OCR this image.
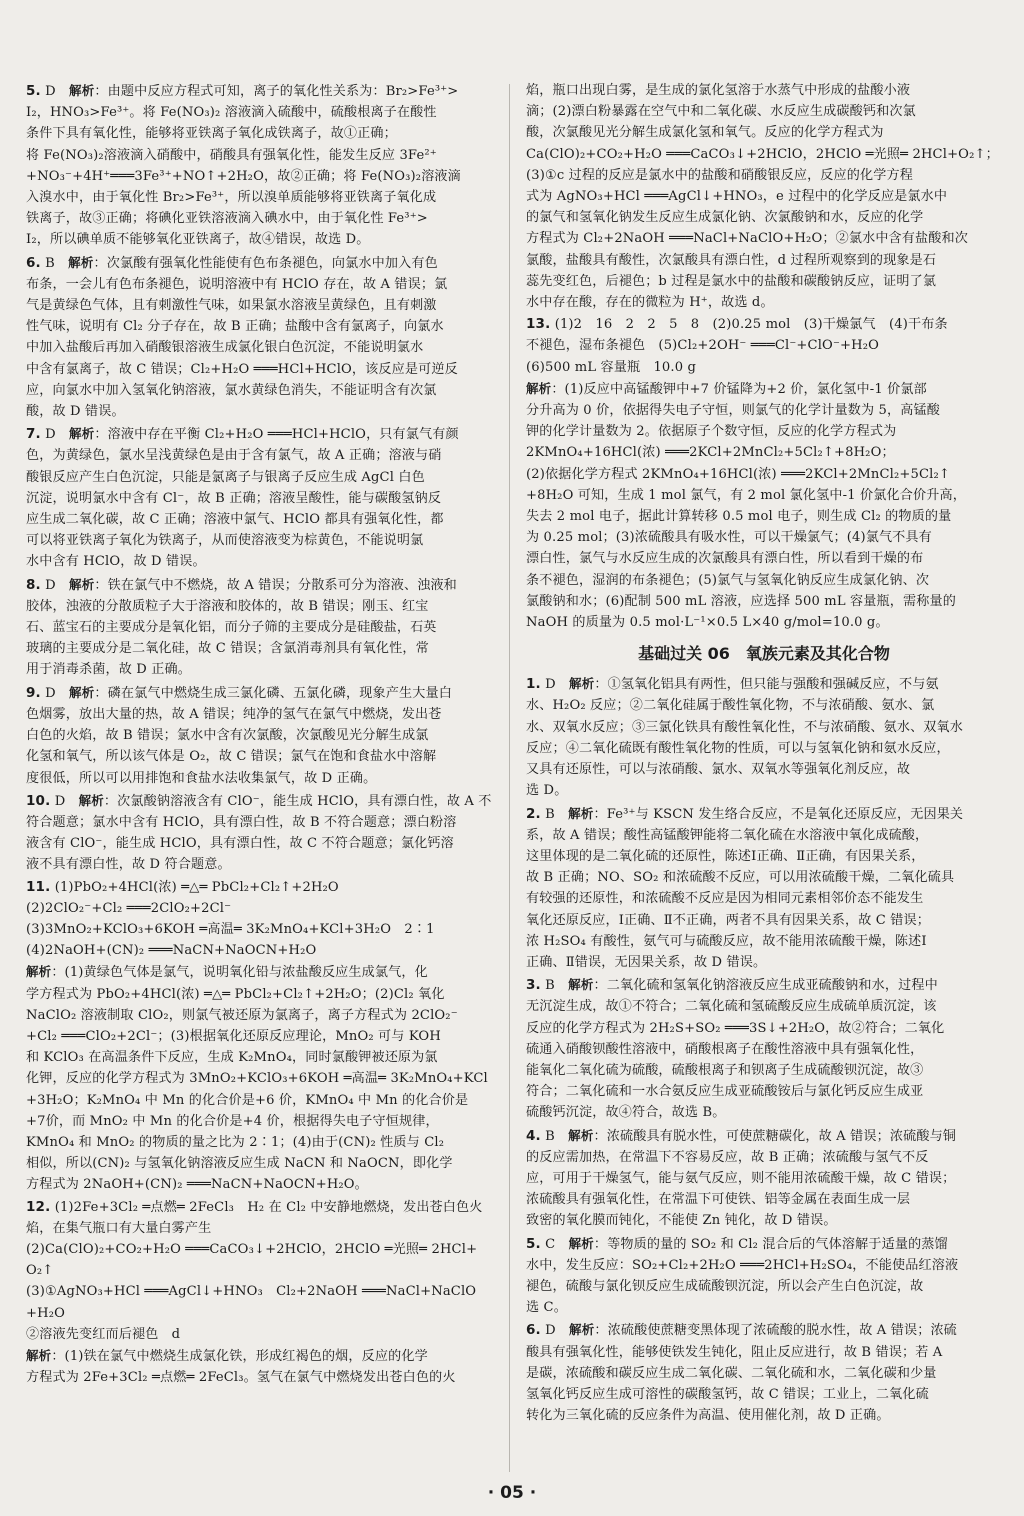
5. D  解析：由题中反应方程式可知，离子的氧化性关系为：Br₂>Fe³⁺>
I₂，HNO₃>Fe³⁺。将 Fe(NO₃)₂ 溶液滴入硫酸中，硫酸根离子在酸性
条件下具有氧化性，能够将亚铁离子氧化成铁离子，故①正确；
将 Fe(NO₃)₂溶液滴入硝酸中，硝酸具有强氧化性，能发生反应 3Fe²⁺
+NO₃⁻+4H⁺═══3Fe³⁺+NO↑+2H₂O，故②正确；将 Fe(NO₃)₂溶液滴
入溴水中，由于氧化性 Br₂>Fe³⁺，所以溴单质能够将亚铁离子氧化成
铁离子，故③正确；将碘化亚铁溶液滴入碘水中，由于氧化性 Fe³⁺>
I₂，所以碘单质不能够氧化亚铁离子，故④错误，故选 D。
6. B  解析：次氯酸有强氧化性能使有色布条褪色，向氯水中加入有色
布条，一会儿有色布条褪色，说明溶液中有 HClO 存在，故 A 错误；氯
气是黄绿色气体，且有刺激性气味，如果氯水溶液呈黄绿色，且有刺激
性气味，说明有 Cl₂ 分子存在，故 B 正确；盐酸中含有氯离子，向氯水
中加入盐酸后再加入硝酸银溶液生成氯化银白色沉淀，不能说明氯水
中含有氯离子，故 C 错误；Cl₂+H₂O ═══HCl+HClO，该反应是可逆反
应，向氯水中加入氢氧化钠溶液，氯水黄绿色消失，不能证明含有次氯
酸，故 D 错误。
7. D  解析：溶液中存在平衡 Cl₂+H₂O ═══HCl+HClO，只有氯气有颜
色，为黄绿色，氯水呈浅黄绿色是由于含有氯气，故 A 正确；溶液与硝
酸银反应产生白色沉淀，只能是氯离子与银离子反应生成 AgCl 白色
沉淀，说明氯水中含有 Cl⁻，故 B 正确；溶液呈酸性，能与碳酸氢钠反
应生成二氧化碳，故 C 正确；溶液中氯气、HClO 都具有强氧化性，都
可以将亚铁离子氧化为铁离子，从而使溶液变为棕黄色，不能说明氯
水中含有 HClO，故 D 错误。
8. D  解析：铁在氯气中不燃烧，故 A 错误；分散系可分为溶液、浊液和
胶体，浊液的分散质粒子大于溶液和胶体的，故 B 错误；刚玉、红宝
石、蓝宝石的主要成分是氧化铝，而分子筛的主要成分是硅酸盐，石英
玻璃的主要成分是二氧化硅，故 C 错误；含氯消毒剂具有氧化性，常
用于消毒杀菌，故 D 正确。
9. D  解析：磷在氯气中燃烧生成三氯化磷、五氯化磷，现象产生大量白
色烟雾，放出大量的热，故 A 错误；纯净的氢气在氯气中燃烧，发出苍
白色的火焰，故 B 错误；氯水中含有次氯酸，次氯酸见光分解生成氯
化氢和氧气，所以该气体是 O₂，故 C 错误；氯气在饱和食盐水中溶解
度很低，所以可以用排饱和食盐水法收集氯气，故 D 正确。
10. D  解析：次氯酸钠溶液含有 ClO⁻，能生成 HClO，具有漂白性，故 A 不
符合题意；氯水中含有 HClO，具有漂白性，故 B 不符合题意；漂白粉溶
液含有 ClO⁻，能生成 HClO，具有漂白性，故 C 不符合题意；氯化钙溶
液不具有漂白性，故 D 符合题意。
11. (1)PbO₂+4HCl(浓) ═△═ PbCl₂+Cl₂↑+2H₂O
(2)2ClO₂⁻+Cl₂ ═══2ClO₂+2Cl⁻
(3)3MnO₂+KClO₃+6KOH ═高温═ 3K₂MnO₄+KCl+3H₂O　2∶1
(4)2NaOH+(CN)₂ ═══NaCN+NaOCN+H₂O
解析：(1)黄绿色气体是氯气，说明氧化铅与浓盐酸反应生成氯气，化
学方程式为 PbO₂+4HCl(浓) ═△═ PbCl₂+Cl₂↑+2H₂O；(2)Cl₂ 氧化
NaClO₂ 溶液制取 ClO₂，则氯气被还原为氯离子，离子方程式为 2ClO₂⁻
+Cl₂ ═══ClO₂+2Cl⁻；(3)根据氧化还原反应理论，MnO₂ 可与 KOH
和 KClO₃ 在高温条件下反应，生成 K₂MnO₄，同时氯酸钾被还原为氯
化钾，反应的化学方程式为 3MnO₂+KClO₃+6KOH ═高温═ 3K₂MnO₄+KCl
+3H₂O；K₂MnO₄ 中 Mn 的化合价是+6 价，KMnO₄ 中 Mn 的化合价是
+7价，而 MnO₂ 中 Mn 的化合价是+4 价，根据得失电子守恒规律，
KMnO₄ 和 MnO₂ 的物质的量之比为 2∶1；(4)由于(CN)₂ 性质与 Cl₂
相似，所以(CN)₂ 与氢氧化钠溶液反应生成 NaCN 和 NaOCN，即化学
方程式为 2NaOH+(CN)₂ ═══NaCN+NaOCN+H₂O。
12. (1)2Fe+3Cl₂ ═点燃═ 2FeCl₃　H₂ 在 Cl₂ 中安静地燃烧，发出苍白色火
焰，在集气瓶口有大量白雾产生
(2)Ca(ClO)₂+CO₂+H₂O ═══CaCO₃↓+2HClO，2HClO ═光照═ 2HCl+
O₂↑
(3)①AgNO₃+HCl ═══AgCl↓+HNO₃　Cl₂+2NaOH ═══NaCl+NaClO
+H₂O
②溶液先变红而后褪色　d
解析：(1)铁在氯气中燃烧生成氯化铁，形成红褐色的烟，反应的化学
方程式为 2Fe+3Cl₂ ═点燃═ 2FeCl₃。氢气在氯气中燃烧发出苍白色的火
焰，瓶口出现白雾，是生成的氯化氢溶于水蒸气中形成的盐酸小液
滴；(2)漂白粉暴露在空气中和二氧化碳、水反应生成碳酸钙和次氯
酸，次氯酸见光分解生成氯化氢和氧气。反应的化学方程式为
Ca(ClO)₂+CO₂+H₂O ═══CaCO₃↓+2HClO，2HClO ═光照═ 2HCl+O₂↑；
(3)①c 过程的反应是氯水中的盐酸和硝酸银反应，反应的化学方程
式为 AgNO₃+HCl ═══AgCl↓+HNO₃，e 过程中的化学反应是氯水中
的氯气和氢氧化钠发生反应生成氯化钠、次氯酸钠和水，反应的化学
方程式为 Cl₂+2NaOH ═══NaCl+NaClO+H₂O；②氯水中含有盐酸和次
氯酸，盐酸具有酸性，次氯酸具有漂白性，d 过程所观察到的现象是石
蕊先变红色，后褪色；b 过程是氯水中的盐酸和碳酸钠反应，证明了氯
水中存在酸，存在的微粒为 H⁺，故选 d。
13. (1)2　16　2　2　5　8　(2)0.25 mol　(3)干燥氯气　(4)干布条
不褪色，湿布条褪色　(5)Cl₂+2OH⁻ ═══Cl⁻+ClO⁻+H₂O
(6)500 mL 容量瓶　10.0 g
解析：(1)反应中高锰酸钾中+7 价锰降为+2 价，氯化氢中-1 价氯部
分升高为 0 价，依据得失电子守恒，则氯气的化学计量数为 5，高锰酸
钾的化学计量数为 2。依据原子个数守恒，反应的化学方程式为
2KMnO₄+16HCl(浓) ═══2KCl+2MnCl₂+5Cl₂↑+8H₂O；
(2)依据化学方程式 2KMnO₄+16HCl(浓) ═══2KCl+2MnCl₂+5Cl₂↑
+8H₂O 可知，生成 1 mol 氯气，有 2 mol 氯化氢中-1 价氯化合价升高，
失去 2 mol 电子，据此计算转移 0.5 mol 电子，则生成 Cl₂ 的物质的量
为 0.25 mol；(3)浓硫酸具有吸水性，可以干燥氯气；(4)氯气不具有
漂白性，氯气与水反应生成的次氯酸具有漂白性，所以看到干燥的布
条不褪色，湿润的布条褪色；(5)氯气与氢氧化钠反应生成氯化钠、次
氯酸钠和水；(6)配制 500 mL 溶液，应选择 500 mL 容量瓶，需称量的
NaOH 的质量为 0.5 mol·L⁻¹×0.5 L×40 g/mol=10.0 g。
基础过关 06　氧族元素及其化合物
1. D  解析：①氢氧化铝具有两性，但只能与强酸和强碱反应，不与氨
水、H₂O₂ 反应；②二氧化硅属于酸性氧化物，不与浓硝酸、氨水、氯
水、双氧水反应；③三氯化铁具有酸性氧化性，不与浓硝酸、氨水、双氧水
反应；④二氧化硫既有酸性氧化物的性质，可以与氢氧化钠和氨水反应，
又具有还原性，可以与浓硝酸、氯水、双氧水等强氧化剂反应，故
选 D。
2. B  解析：Fe³⁺与 KSCN 发生络合反应，不是氧化还原反应，无因果关
系，故 A 错误；酸性高锰酸钾能将二氧化硫在水溶液中氧化成硫酸，
这里体现的是二氧化硫的还原性，陈述Ⅰ正确、Ⅱ正确，有因果关系，
故 B 正确；NO、SO₂ 和浓硫酸不反应，可以用浓硫酸干燥，二氧化硫具
有较强的还原性，和浓硫酸不反应是因为相同元素相邻价态不能发生
氧化还原反应，Ⅰ正确、Ⅱ不正确，两者不具有因果关系，故 C 错误；
浓 H₂SO₄ 有酸性，氨气可与硫酸反应，故不能用浓硫酸干燥，陈述Ⅰ
正确、Ⅱ错误，无因果关系，故 D 错误。
3. B  解析：二氧化硫和氢氧化钠溶液反应生成亚硫酸钠和水，过程中
无沉淀生成，故①不符合；二氧化硫和氢硫酸反应生成硫单质沉淀，该
反应的化学方程式为 2H₂S+SO₂ ═══3S↓+2H₂O，故②符合；二氧化
硫通入硝酸钡酸性溶液中，硝酸根离子在酸性溶液中具有强氧化性，
能氧化二氧化硫为硫酸，硫酸根离子和钡离子生成硫酸钡沉淀，故③
符合；二氧化硫和一水合氨反应生成亚硫酸铵后与氯化钙反应生成亚
硫酸钙沉淀，故④符合，故选 B。
4. B  解析：浓硫酸具有脱水性，可使蔗糖碳化，故 A 错误；浓硫酸与铜
的反应需加热，在常温下不容易反应，故 B 正确；浓硫酸与氢气不反
应，可用于干燥氢气，能与氨气反应，则不能用浓硫酸干燥，故 C 错误；
浓硫酸具有强氧化性，在常温下可使铁、铝等金属在表面生成一层
致密的氧化膜而钝化，不能使 Zn 钝化，故 D 错误。
5. C  解析：等物质的量的 SO₂ 和 Cl₂ 混合后的气体溶解于适量的蒸馏
水中，发生反应：SO₂+Cl₂+2H₂O ═══2HCl+H₂SO₄，不能使品红溶液
褪色，硫酸与氯化钡反应生成硫酸钡沉淀，所以会产生白色沉淀，故
选 C。
6. D  解析：浓硫酸使蔗糖变黑体现了浓硫酸的脱水性，故 A 错误；浓硫
酸具有强氧化性，能够使铁发生钝化，阻止反应进行，故 B 错误；若 A
是碳，浓硫酸和碳反应生成二氧化碳、二氧化硫和水，二氧化碳和少量
氢氧化钙反应生成可溶性的碳酸氢钙，故 C 错误；工业上，二氧化硫
转化为三氧化硫的反应条件为高温、使用催化剂，故 D 正确。
· 05 ·
